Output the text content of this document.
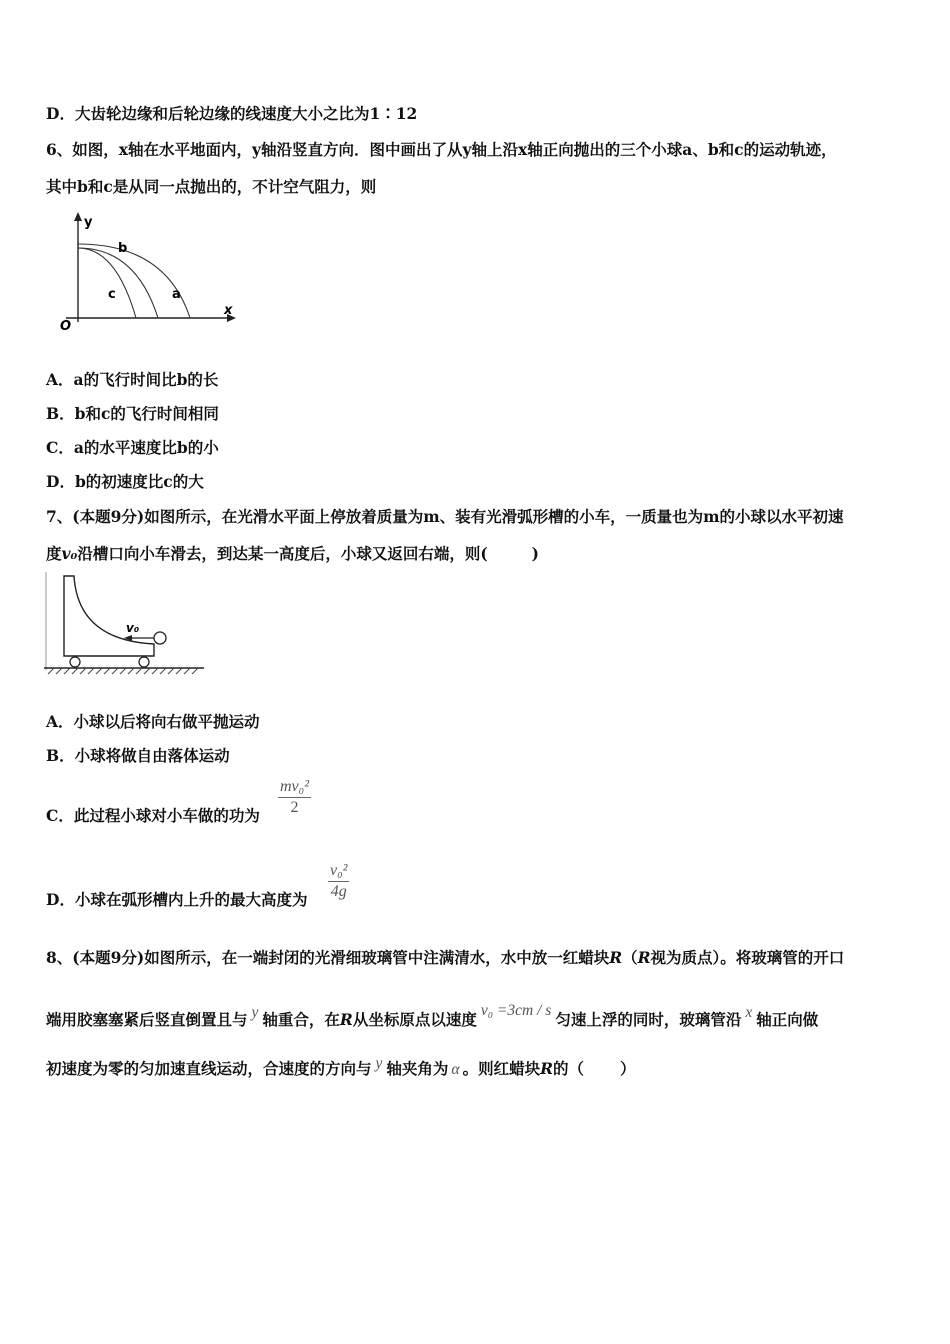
D．大齿轮边缘和后轮边缘的线速度大小之比为1∶12
6、如图，x轴在水平地面内，y轴沿竖直方向．图中画出了从y轴上沿x轴正向抛出的三个小球a、b和c的运动轨迹，
其中b和c是从同一点抛出的，不计空气阻力，则
y
x
O
b
c	a
A．a的飞行时间比b的长
B．b和c的飞行时间相同
C．a的水平速度比b的小
D．b的初速度比c的大
7、(本题9分)如图所示，在光滑水平面上停放着质量为m、装有光滑弧形槽的小车，一质量也为m的小球以水平初速
度v₀沿槽口向小车滑去，到达某一高度后，小球又返回右端，则(	)
v₀
A．小球以后将向右做平抛运动
B．小球将做自由落体运动
C．此过程小球对小车做的功为
mv₀²
2
D．小球在弧形槽内上升的最大高度为
v₀²
4g
8、(本题9分)如图所示，在一端封闭的光滑细玻璃管中注满清水，水中放一红蜡块R（R视为质点）。将玻璃管的开口
端用胶塞塞紧后竖直倒置且与 y 轴重合，在R从坐标原点以速度 v₀ =3cm / s 匀速上浮的同时，玻璃管沿 x 轴正向做
初速度为零的匀加速直线运动，合速度的方向与 y 轴夹角为 α 。则红蜡块R的（ ）
